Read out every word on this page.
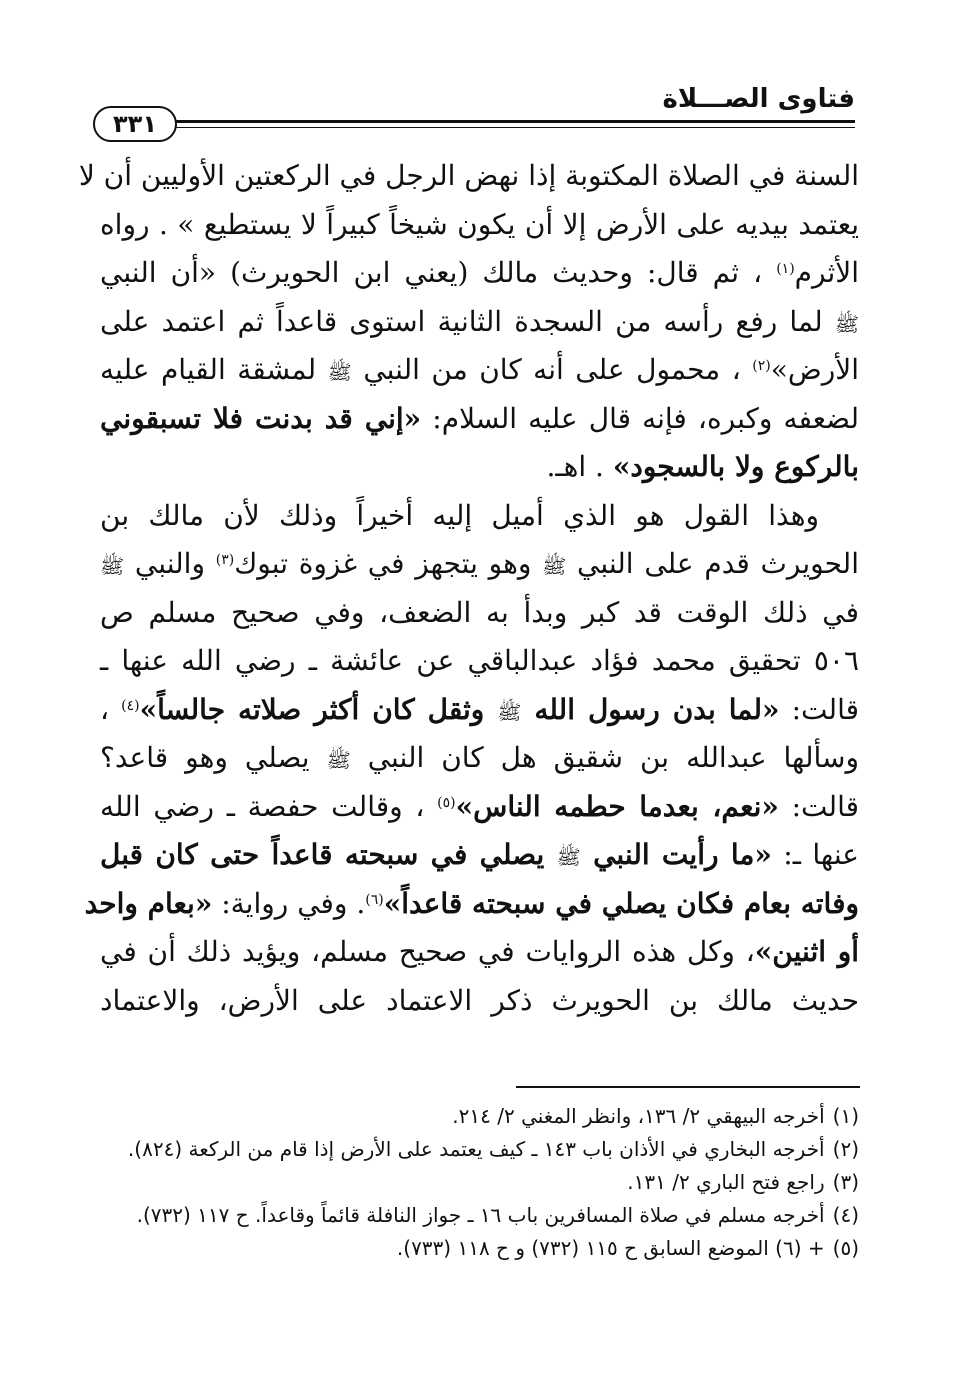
فتاوى الصـــلاة
٣٣١
السنة في الصلاة المكتوبة إذا نهض الرجل في الركعتين الأوليين أن لا
يعتمد بيديه على الأرض إلا أن يكون شيخاً كبيراً لا يستطيع » . رواه
الأثرم$^{(١)}$ ، ثم قال: وحديث مالك (يعني ابن الحويرث) «أن النبي
ﷺ لما رفع رأسه من السجدة الثانية استوى قاعداً ثم اعتمد على
الأرض»$^{(٢)}$ ، محمول على أنه كان من النبي ﷺ لمشقة القيام عليه
لضعفه وكبره، فإنه قال عليه السلام: «إني قد بدنت فلا تسبقوني
بالركوع ولا بالسجود» . اهـ.
وهذا القول هو الذي أميل إليه أخيراً وذلك لأن مالك بن
الحويرث قدم على النبي ﷺ وهو يتجهز في غزوة تبوك$^{(٣)}$ والنبي ﷺ
في ذلك الوقت قد كبر وبدأ به الضعف، وفي صحيح مسلم ص
٥٠٦ تحقيق محمد فؤاد عبدالباقي عن عائشة ـ رضي الله عنها ـ
قالت: «لما بدن رسول الله ﷺ وثقل كان أكثر صلاته جالساً»$^{(٤)}$ ،
وسألها عبدالله بن شقيق هل كان النبي ﷺ يصلي وهو قاعد؟
قالت: «نعم، بعدما حطمه الناس»$^{(٥)}$ ، وقالت حفصة ـ رضي الله
عنها ـ: «ما رأيت النبي ﷺ يصلي في سبحته قاعداً حتى كان قبل
وفاته بعام فكان يصلي في سبحته قاعداً»$^{(٦)}$. وفي رواية: «بعام واحد
أو اثنين»، وكل هذه الروايات في صحيح مسلم، ويؤيد ذلك أن في
حديث مالك بن الحويرث ذكر الاعتماد على الأرض، والاعتماد
(١)أخرجه البيهقي ٢/ ١٣٦، وانظر المغني ٢/ ٢١٤.
(٢)أخرجه البخاري في الأذان باب ١٤٣ ـ كيف يعتمد على الأرض إذا قام من الركعة (٨٢٤).
(٣)راجع فتح الباري ٢/ ١٣١.
(٤)أخرجه مسلم في صلاة المسافرين باب ١٦ ـ جواز النافلة قائماً وقاعداً. ح ١١٧ (٧٣٢).
(٥)+ (٦) الموضع السابق ح ١١٥ (٧٣٢) و ح ١١٨ (٧٣٣).
